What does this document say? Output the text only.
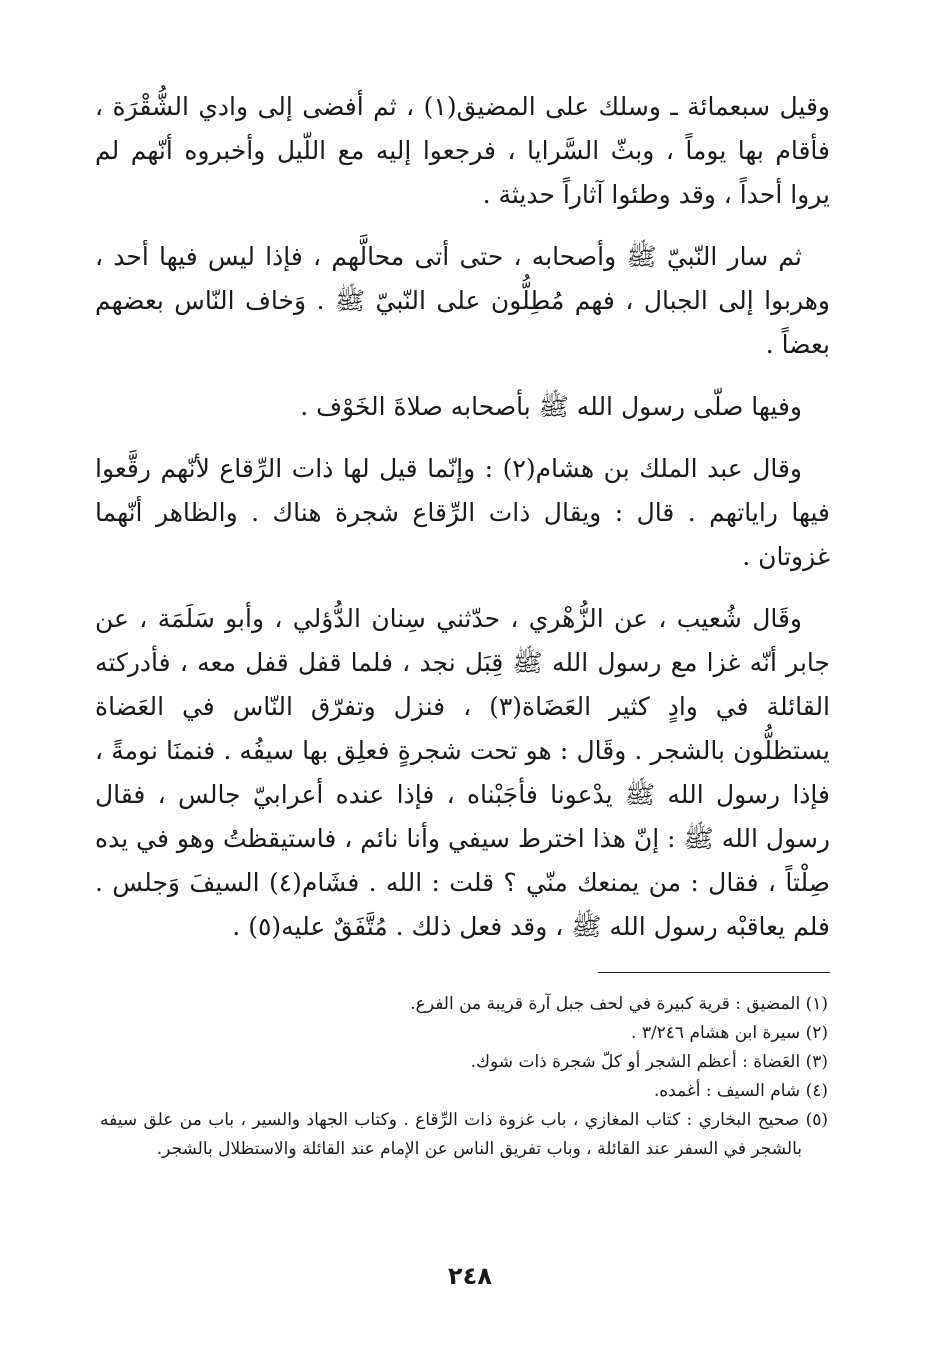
وقيل سبعمائة ـ وسلك على المضيق(١) ، ثم أفضى إلى وادي الشُّقْرَة ، فأقام بها يوماً ، وبثّ السَّرايا ، فرجعوا إليه مع اللّيل وأخبروه أنّهم لم يروا أحداً ، وقد وطئوا آثاراً حديثة .

ثم سار النّبيّ ﷺ وأصحابه ، حتى أتى محالَّهم ، فإذا ليس فيها أحد ، وهربوا إلى الجبال ، فهم مُطِلُّون على النّبيّ ﷺ . وَخاف النّاس بعضهم بعضاً .

وفيها صلّى رسول الله ﷺ بأصحابه صلاةَ الخَوْف .

وقال عبد الملك بن هشام(٢) : وإنّما قيل لها ذات الرِّقاع لأنّهم رقَّعوا فيها راياتهم . قال : ويقال ذات الرِّقاع شجرة هناك . والظاهر أنّهما غزوتان .

وقَال شُعيب ، عن الزُّهْري ، حدّثني سِنان الدُّؤلي ، وأبو سَلَمَة ، عن جابر أنّه غزا مع رسول الله ﷺ قِبَل نجد ، فلما قفل قفل معه ، فأدركته القائلة في وادٍ كثير العَضَاة(٣) ، فنزل وتفرّق النّاس في العَضاة يستظلُّون بالشجر . وقَال : هو تحت شجرةٍ فعلِق بها سيفُه . فنمنَا نومةً ، فإذا رسول الله ﷺ يدْعونا فأجَبْناه ، فإذا عنده أعرابيّ جالس ، فقال رسول الله ﷺ : إنّ هذا اخترط سيفي وأنا نائم ، فاستيقظتُ وهو في يده صِلْتاً ، فقال : من يمنعك منّي ؟ قلت : الله . فشَام(٤) السيفَ وَجلس . فلم يعاقبْه رسول الله ﷺ ، وقد فعل ذلك . مُتَّفَقٌ عليه(٥) .

(١) المضيق : قرية كبيرة في لحف جبل آرة قريبة من الفرع.

(٢) سيرة ابن هشام ٣/٢٤٦ .

(٣) العَضاة : أعظم الشجر أو كلّ شجرة ذات شوك.

(٤) شام السيف : أغمده.

(٥) صحيح البخاري : كتاب المغازي ، باب غزوة ذات الرِّقاع . وكتاب الجهاد والسير ، باب من علق سيفه بالشجر في السفر عند القائلة ، وباب تفريق الناس عن الإمام عند القائلة والاستظلال بالشجر.

٢٤٨
